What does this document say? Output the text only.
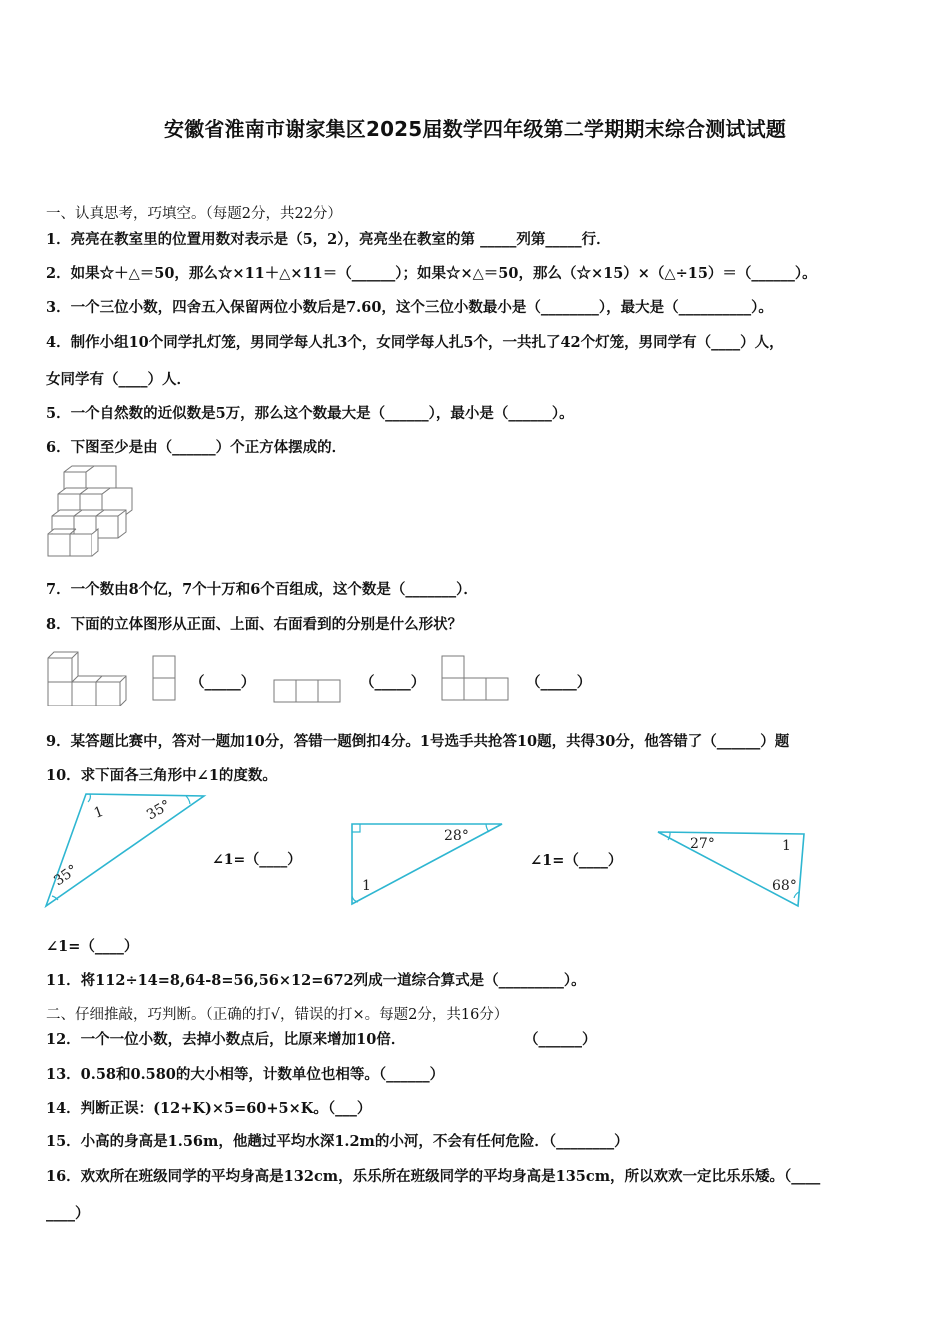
安徽省淮南市谢家集区2025届数学四年级第二学期期末综合测试试题
一、认真思考，巧填空。（每题2分，共22分）
1．亮亮在教室里的位置用数对表示是（5，2），亮亮坐在教室的第 _____列第_____行．
2．如果☆＋△＝50，那么☆×11＋△×11＝（______）；如果☆×△＝50，那么（☆×15）×（△÷15）＝（______）。
3．一个三位小数，四舍五入保留两位小数后是7.60，这个三位小数最小是（________），最大是（__________）。
4．制作小组10个同学扎灯笼，男同学每人扎3个，女同学每人扎5个，一共扎了42个灯笼，男同学有（____）人，
女同学有（____）人．
5．一个自然数的近似数是5万，那么这个数最大是（______），最小是（______）。
6．下图至少是由（______）个正方体摆成的．
7．一个数由8个亿，7个十万和6个百组成，这个数是（_______）．
8．下面的立体图形从正面、上面、右面看到的分别是什么形状？
（_____）	（_____）	（_____）
9．某答题比赛中，答对一题加10分，答错一题倒扣4分。1号选手共抢答10题，共得30分，他答错了（______）题
10．求下面各三角形中∠1的度数。
1	35°
35°
∠1=（____）
28°
1
∠1=（____）
27°	1
68°
∠1=（____）
11．将112÷14=8,64-8=56,56×12=672列成一道综合算式是（_________）。
二、仔细推敲，巧判断。（正确的打√，错误的打×。每题2分，共16分）
12．一个一位小数，去掉小数点后，比原来增加10倍．	（______）
13．0.58和0.580的大小相等，计数单位也相等。（______）
14．判断正误：(12+K)×5=60+5×K。（___）
15．小高的身高是1.56m，他趟过平均水深1.2m的小河，不会有任何危险．（________）
16．欢欢所在班级同学的平均身高是132cm，乐乐所在班级同学的平均身高是135cm，所以欢欢一定比乐乐矮。（____
____）
